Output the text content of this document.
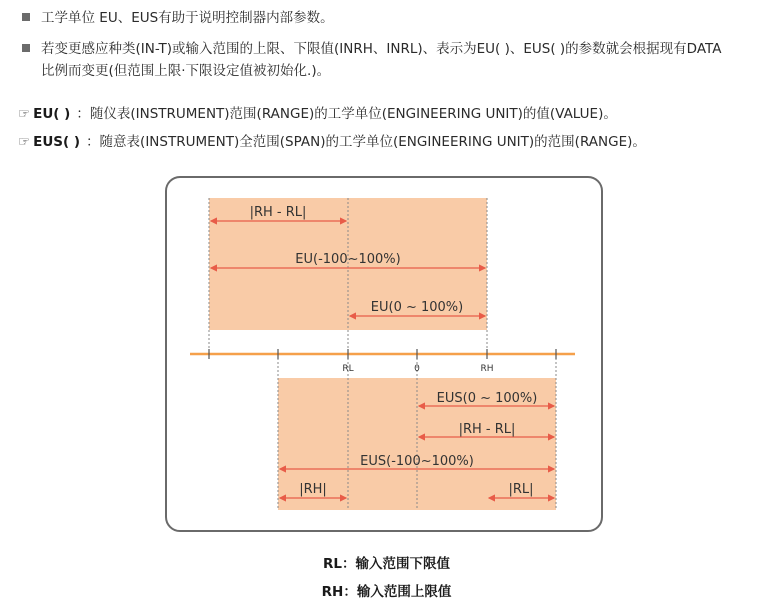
工学单位 EU、EUS有助于说明控制器内部参数。
若变更感应种类(IN-T)或输入范围的上限、下限值(INRH、INRL)、表示为EU( )、EUS( )的参数就会根据现有DATA
比例而变更(但范围上限·下限设定值被初始化.)。
☞ EU( ) ：随仪表(INSTRUMENT)范围(RANGE)的工学单位(ENGINEERING UNIT)的值(VALUE)。
☞ EUS( ) ：随意表(INSTRUMENT)全范围(SPAN)的工学单位(ENGINEERING UNIT)的范围(RANGE)。
|RH - RL|
EU(-100~100%)
EU(0 ~ 100%)
RL	0	RH
EUS(0 ~ 100%)
|RH - RL|
EUS(-100~100%)
|RH|	|RL|
RL：输入范围下限值
RH：输入范围上限值
